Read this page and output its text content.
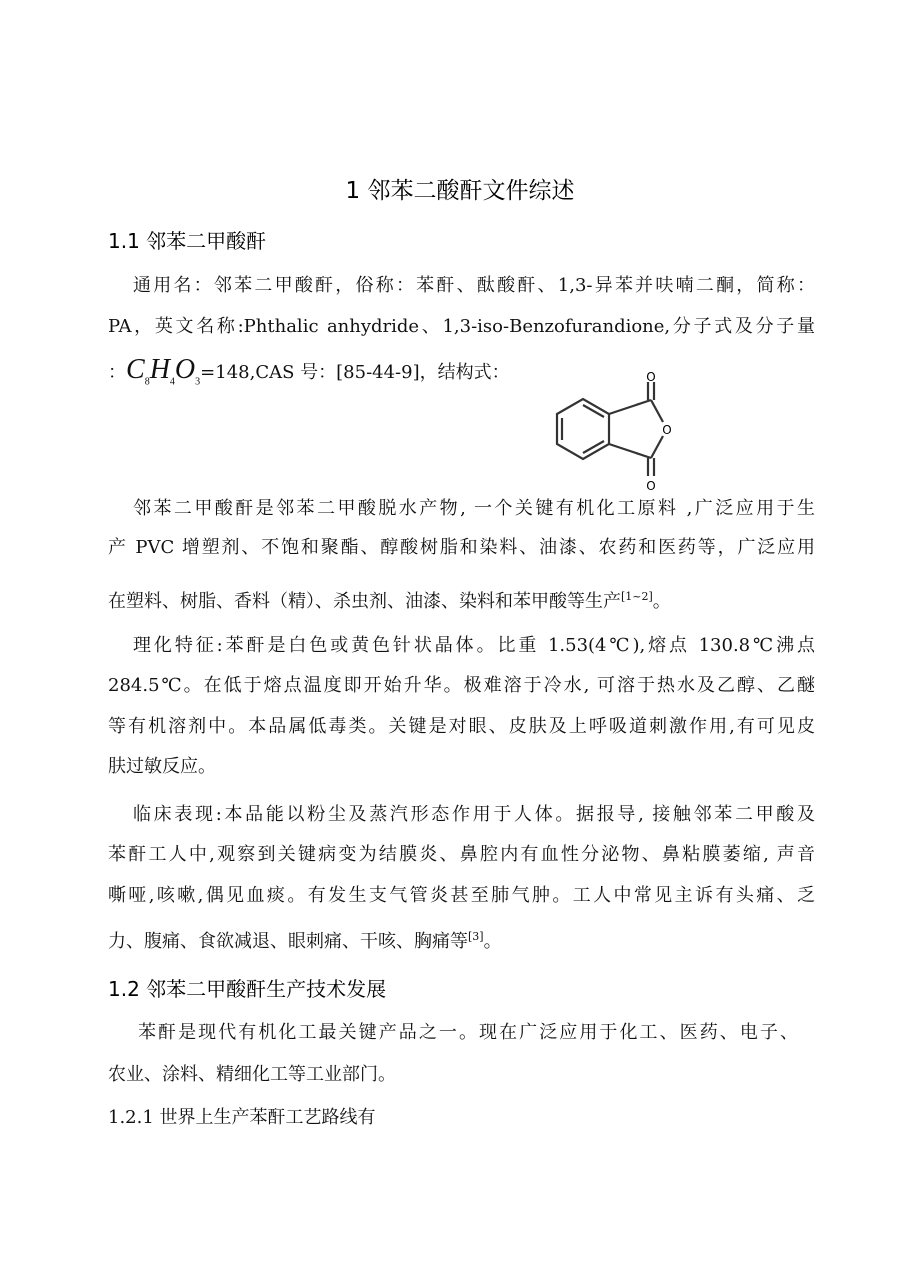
1 邻苯二酸酐文件综述
1.1 邻苯二甲酸酐
通用名：邻苯二甲酸酐，俗称：苯酐、酞酸酐、1,3-异苯并呋喃二酮，简称：
PA，英文名称:Phthalic anhydride、1,3-iso-Benzofurandione,分子式及分子量
：$C_8H_4O_3=148,CAS$ 号：[85-44-9]，结构式：	O
O
O
邻苯二甲酸酐是邻苯二甲酸脱水产物, 一个关键有机化工原料 ,广泛应用于生
产 PVC 增塑剂、不饱和聚酯、醇酸树脂和染料、油漆、农药和医药等，广泛应用
在塑料、树脂、香料（精）、杀虫剂、油漆、染料和苯甲酸等生产[1~2]。
理化特征:苯酐是白色或黄色针状晶体。比重 1.53(4℃),熔点 130.8℃沸点
284.5℃。在低于熔点温度即开始升华。极难溶于冷水, 可溶于热水及乙醇、乙醚
等有机溶剂中。本品属低毒类。关键是对眼、皮肤及上呼吸道刺激作用,有可见皮
肤过敏反应。
临床表现:本品能以粉尘及蒸汽形态作用于人体。据报导, 接触邻苯二甲酸及
苯酐工人中,观察到关键病变为结膜炎、鼻腔内有血性分泌物、鼻粘膜萎缩, 声音
嘶哑,咳嗽,偶见血痰。有发生支气管炎甚至肺气肿。工人中常见主诉有头痛、乏
力、腹痛、食欲减退、眼刺痛、干咳、胸痛等[3]。
1.2 邻苯二甲酸酐生产技术发展
苯酐是现代有机化工最关键产品之一。现在广泛应用于化工、医药、电子、
农业、涂料、精细化工等工业部门。
1.2.1 世界上生产苯酐工艺路线有
